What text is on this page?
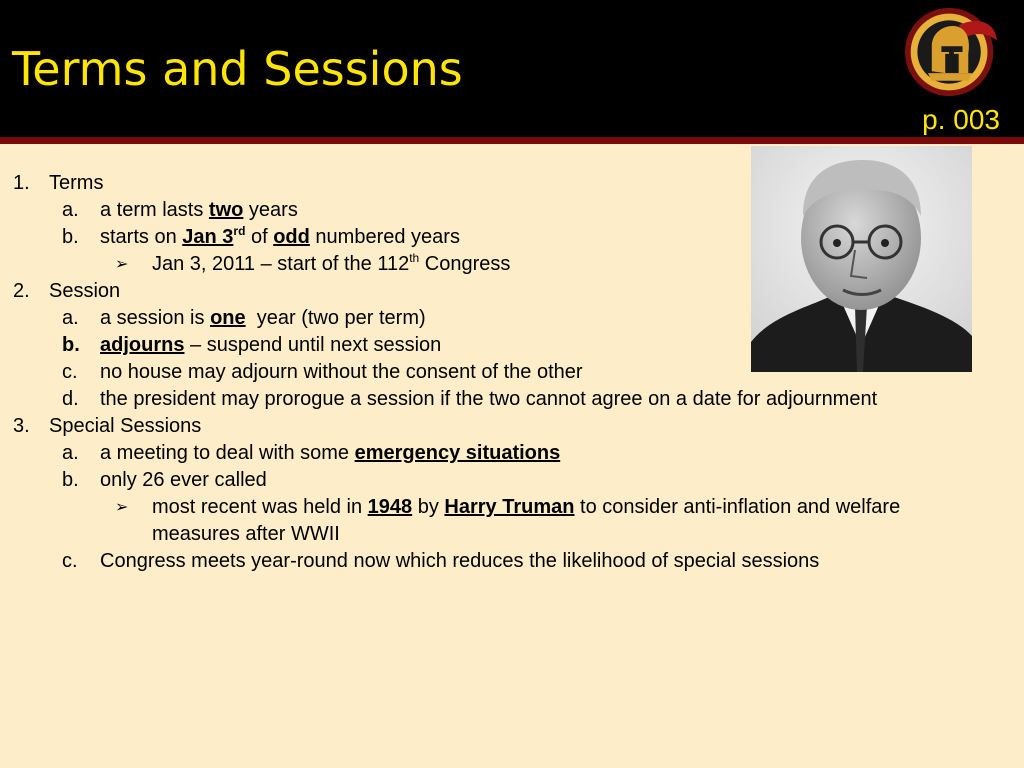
Terms and Sessions
p. 003
1. Terms
a. a term lasts two years
b. starts on Jan 3rd of odd numbered years
➢ Jan 3, 2011 – start of the 112th Congress
2. Session
a. a session is one  year (two per term)
b. adjourns – suspend until next session
c. no house may adjourn without the consent of the other
d. the president may prorogue a session if the two cannot agree on a date for adjournment
3. Special Sessions
a. a meeting to deal with some emergency situations
b. only 26 ever called
➢ most recent was held in 1948 by Harry Truman to consider anti-inflation and welfare
measures after WWII
c. Congress meets year-round now which reduces the likelihood of special sessions
